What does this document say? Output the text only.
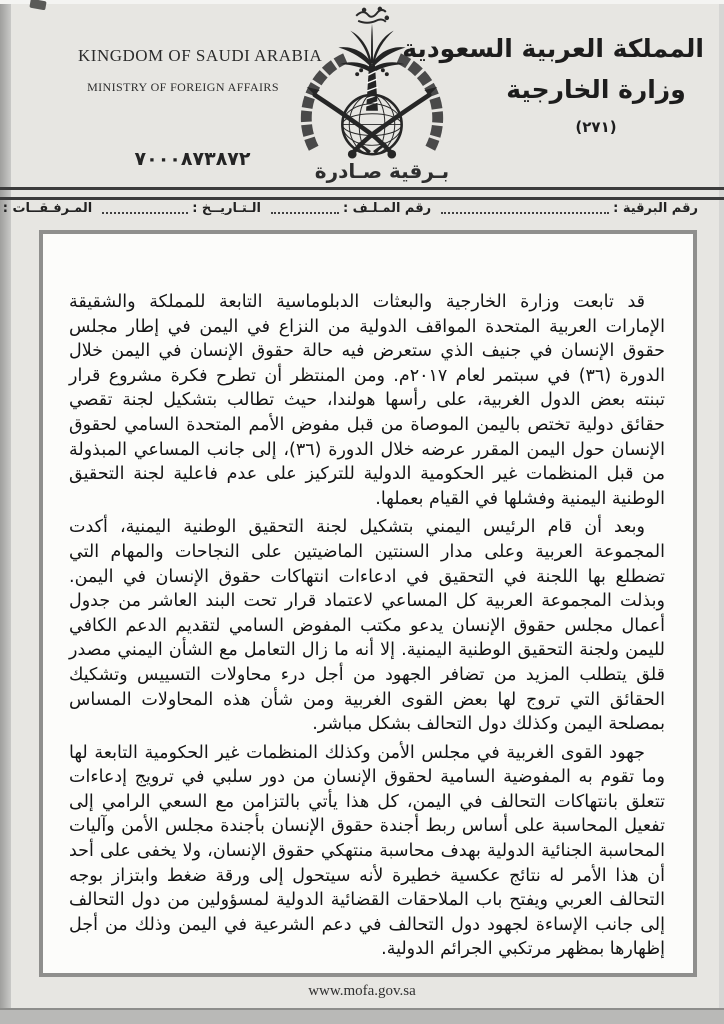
KINGDOM OF SAUDI ARABIA
MINISTRY OF FOREIGN AFFAIRS
المملكة العربية السعودية
وزارة الخارجية
(٢٧١)
٧٠٠٠٨٧٣٨٧٢	بـرقية صـادرة
رقم البرقية :
رقم المـلـف :
الـتـاريــخ :
المـرفـقــات :

قد تابعت وزارة الخارجية والبعثات الدبلوماسية التابعة للمملكة والشقيقة الإمارات العربية المتحدة المواقف الدولية من النزاع في اليمن في إطار مجلس حقوق الإنسان في جنيف الذي ستعرض فيه حالة حقوق الإنسان في اليمن خلال الدورة (٣٦) في سبتمر لعام ٢٠١٧م. ومن المنتظر أن تطرح فكرة مشروع قرار تبنته بعض الدول الغربية، على رأسها هولندا، حيث تطالب بتشكيل لجنة تقصي حقائق دولية تختص باليمن الموصاة من قبل مفوض الأمم المتحدة السامي لحقوق الإنسان حول اليمن المقرر عرضه خلال الدورة (٣٦)، إلى جانب المساعي المبذولة من قبل المنظمات غير الحكومية الدولية للتركيز على عدم فاعلية لجنة التحقيق الوطنية اليمنية وفشلها في القيام بعملها.

وبعد أن قام الرئيس اليمني بتشكيل لجنة التحقيق الوطنية اليمنية، أكدت المجموعة العربية وعلى مدار السنتين الماضيتين على النجاحات والمهام التي تضطلع بها اللجنة في التحقيق في ادعاءات انتهاكات حقوق الإنسان في اليمن. وبذلت المجموعة العربية كل المساعي لاعتماد قرار تحت البند العاشر من جدول أعمال مجلس حقوق الإنسان يدعو مكتب المفوض السامي لتقديم الدعم الكافي لليمن ولجنة التحقيق الوطنية اليمنية. إلا أنه ما زال التعامل مع الشأن اليمني مصدر قلق يتطلب المزيد من تضافر الجهود من أجل درء محاولات التسييس وتشكيك الحقائق التي تروج لها بعض القوى الغربية ومن شأن هذه المحاولات المساس بمصلحة اليمن وكذلك دول التحالف بشكل مباشر.

جهود القوى الغربية في مجلس الأمن وكذلك المنظمات غير الحكومية التابعة لها وما تقوم به المفوضية السامية لحقوق الإنسان من دور سلبي في ترويج إدعاءات تتعلق بانتهاكات التحالف في اليمن، كل هذا يأتي بالتزامن مع السعي الرامي إلى تفعيل المحاسبة على أساس ربط أجندة حقوق الإنسان بأجندة مجلس الأمن وآليات المحاسبة الجنائية الدولية بهدف محاسبة منتهكي حقوق الإنسان، ولا يخفى على أحد أن هذا الأمر له نتائج عكسية خطيرة لأنه سيتحول إلى ورقة ضغط وابتزاز بوجه التحالف العربي ويفتح باب الملاحقات القضائية الدولية لمسؤولين من دول التحالف إلى جانب الإساءة لجهود دول التحالف في دعم الشرعية في اليمن وذلك من أجل إظهارها بمظهر مرتكبي الجرائم الدولية.

www.mofa.gov.sa
